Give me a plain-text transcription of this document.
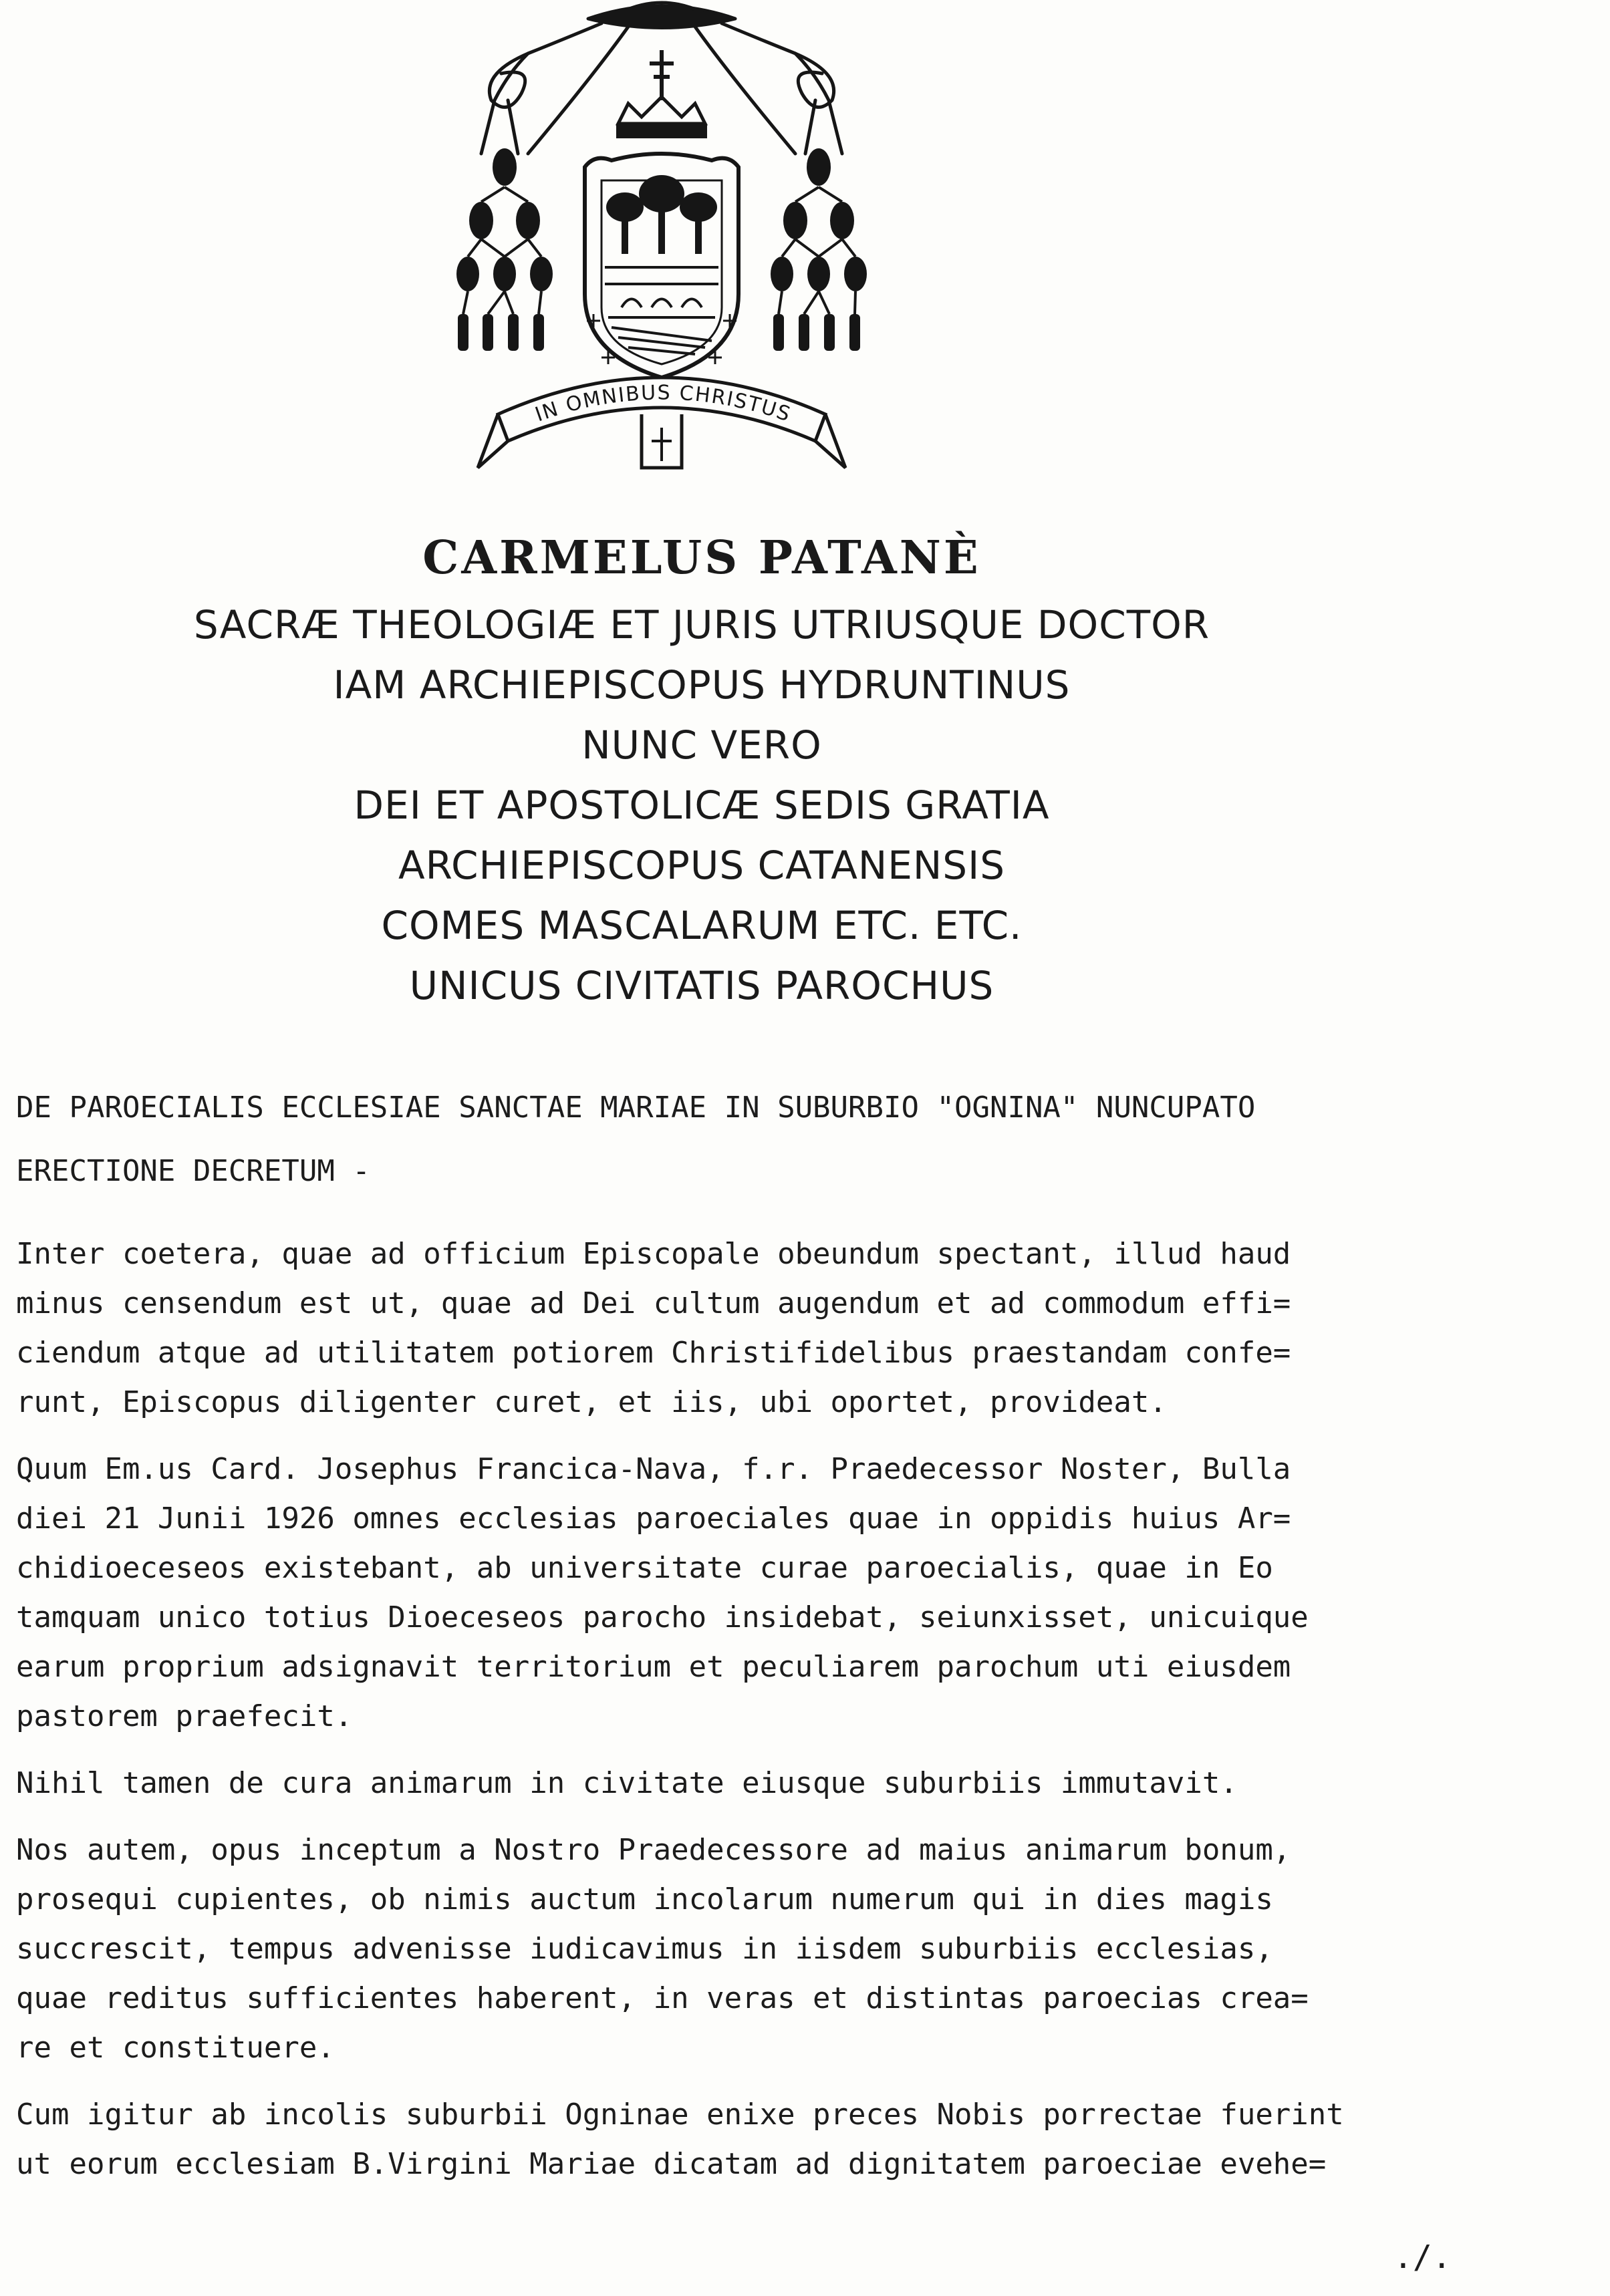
IN OMNIBUS CHRISTUS

CARMELUS PATANÈ

SACRÆ THEOLOGIÆ ET JURIS UTRIUSQUE DOCTOR

IAM ARCHIEPISCOPUS HYDRUNTINUS

NUNC VERO

DEI ET APOSTOLICÆ SEDIS GRATIA

ARCHIEPISCOPUS CATANENSIS

COMES MASCALARUM ETC. ETC.

UNICUS CIVITATIS PAROCHUS

DE PAROECIALIS ECCLESIAE SANCTAE MARIAE IN SUBURBIO "OGNINA" NUNCUPATO
ERECTIONE DECRETUM -
Inter coetera, quae ad officium Episcopale obeundum spectant, illud haud
minus censendum est ut, quae ad Dei cultum augendum et ad commodum effi=
ciendum atque ad utilitatem potiorem Christifidelibus praestandam confe=
runt, Episcopus diligenter curet, et iis, ubi oportet, provideat.
Quum Em.us Card. Josephus Francica-Nava, f.r. Praedecessor Noster, Bulla
diei 21 Junii 1926 omnes ecclesias paroeciales quae in oppidis huius Ar=
chidioeceseos existebant, ab universitate curae paroecialis, quae in Eo
tamquam unico totius Dioeceseos parocho insidebat, seiunxisset, unicuique
earum proprium adsignavit territorium et peculiarem parochum uti eiusdem
pastorem praefecit.
Nihil tamen de cura animarum in civitate eiusque suburbiis immutavit.
Nos autem, opus inceptum a Nostro Praedecessore ad maius animarum bonum,
prosequi cupientes, ob nimis auctum incolarum numerum qui in dies magis
succrescit, tempus advenisse iudicavimus in iisdem suburbiis ecclesias,
quae reditus sufficientes haberent, in veras et distintas paroecias crea=
re et constituere.
Cum igitur ab incolis suburbii Ogninae enixe preces Nobis porrectae fuerint
ut eorum ecclesiam B.Virgini Mariae dicatam ad dignitatem paroeciae evehe=
./.
